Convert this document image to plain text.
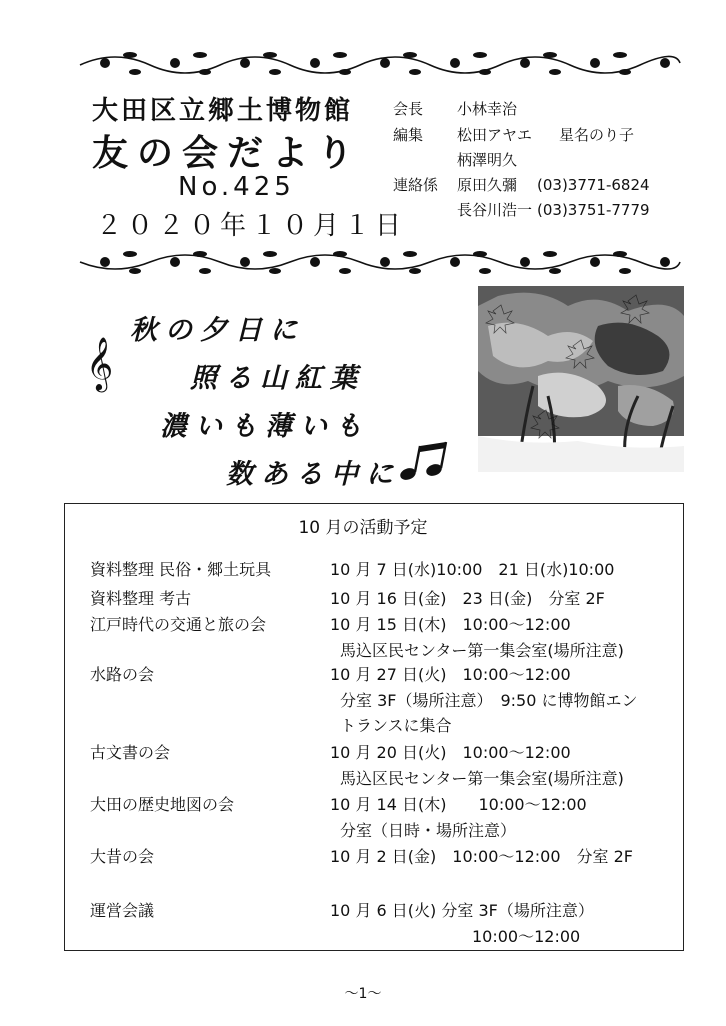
大田区立郷土博物館
友の会だより
No.425
２０２０年１０月１日
会長 小林幸治
編集 松田アヤエ 星名のり子
柄澤明久
連絡係 原田久彌 (03)3771-6824
長谷川浩一 (03)3751-7779
秋の夕日に
照る山紅葉
濃いも薄いも
数ある中に
𝄞
10 月の活動予定
資料整理 民俗・郷土玩具	10 月 7 日(水)10:00　21 日(水)10:00
資料整理 考古	10 月 16 日(金)　23 日(金)　分室 2F
江戸時代の交通と旅の会	10 月 15 日(木)　10:00～12:00
馬込区民センター第一集会室(場所注意)
水路の会	10 月 27 日(火)　10:00～12:00
分室 3F（場所注意）　9:50 に博物館エン
トランスに集合
古文書の会	10 月 20 日(火)　10:00～12:00
馬込区民センター第一集会室(場所注意)
大田の歴史地図の会	10 月 14 日(木)　　10:00～12:00
分室（日時・場所注意）
大昔の会	10 月 2 日(金)　10:00～12:00　分室 2F
運営会議	10 月 6 日(火) 分室 3F（場所注意）
10:00～12:00
～1～
